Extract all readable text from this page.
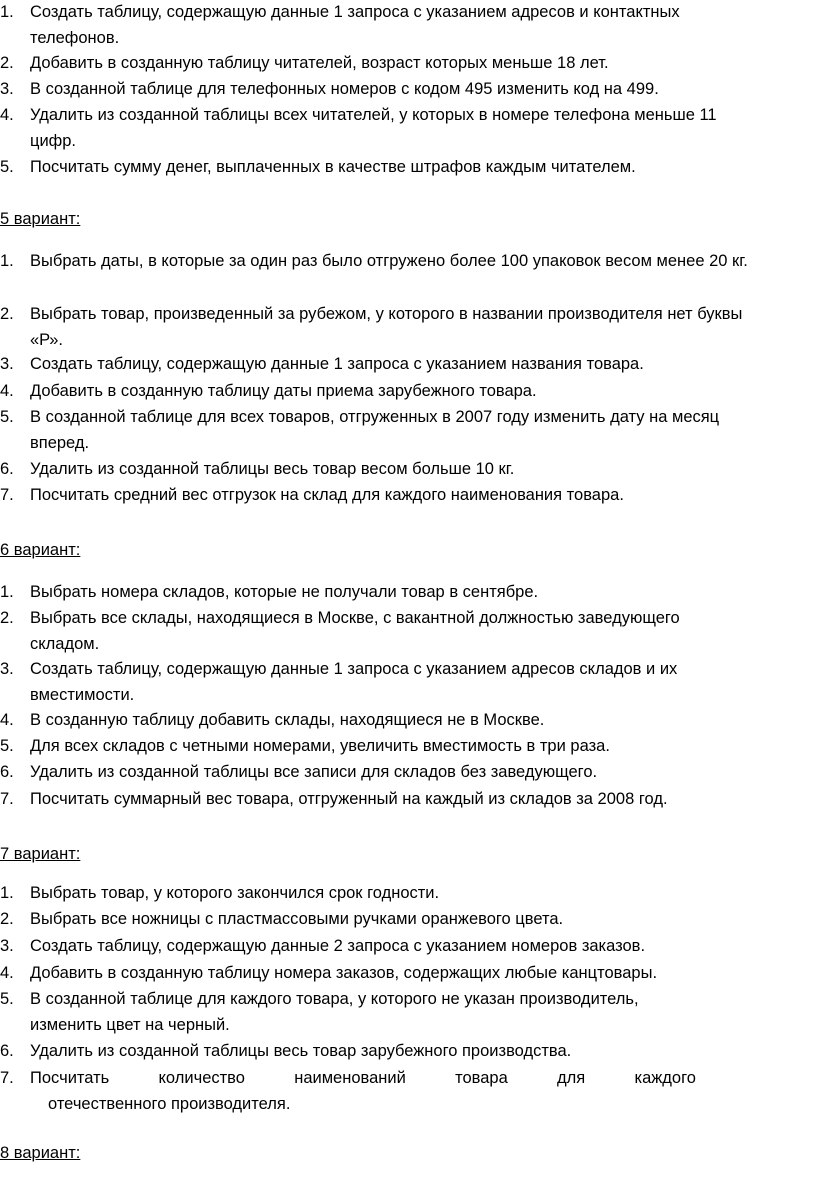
1. Создать таблицу, содержащую данные 1 запроса с указанием адресов и контактных телефонов.
2. Добавить в созданную таблицу читателей, возраст которых меньше 18 лет.
3. В созданной таблице для телефонных номеров с кодом 495 изменить код на 499.
4. Удалить из созданной таблицы всех читателей, у которых в номере телефона меньше 11 цифр.
5. Посчитать сумму денег, выплаченных в качестве штрафов каждым читателем.
5 вариант:
1. Выбрать даты, в которые за один раз было отгружено более 100 упаковок весом менее 20 кг.
2. Выбрать товар, произведенный за рубежом, у которого в названии производителя нет буквы «Р».
3. Создать таблицу, содержащую данные 1 запроса с указанием названия товара.
4. Добавить в созданную таблицу даты приема зарубежного товара.
5. В созданной таблице для всех товаров, отгруженных в 2007 году изменить дату на месяц вперед.
6. Удалить из созданной таблицы весь товар весом больше 10 кг.
7. Посчитать средний вес отгрузок на склад для каждого наименования товара.
6 вариант:
1. Выбрать номера складов, которые не получали товар в сентябре.
2. Выбрать все склады, находящиеся в Москве, с вакантной должностью заведующего складом.
3. Создать таблицу, содержащую данные 1 запроса с указанием адресов складов и их вместимости.
4. В созданную таблицу добавить склады, находящиеся не в Москве.
5. Для всех складов с четными номерами, увеличить вместимость в три раза.
6. Удалить из созданной таблицы все записи для складов без заведующего.
7. Посчитать суммарный вес товара, отгруженный на каждый из складов за 2008 год.
7 вариант:
1. Выбрать товар, у которого закончился срок годности.
2. Выбрать все ножницы с пластмассовыми ручками оранжевого цвета.
3. Создать таблицу, содержащую данные 2 запроса с указанием номеров заказов.
4. Добавить в созданную таблицу номера заказов, содержащих любые канцтовары.
5. В созданной таблице для каждого товара, у которого не указан производитель, изменить цвет на черный.
6. Удалить из созданной таблицы весь товар зарубежного производства.
7. Посчитать	количество	наименований	товара	для	каждого
отечественного производителя.
8 вариант:
